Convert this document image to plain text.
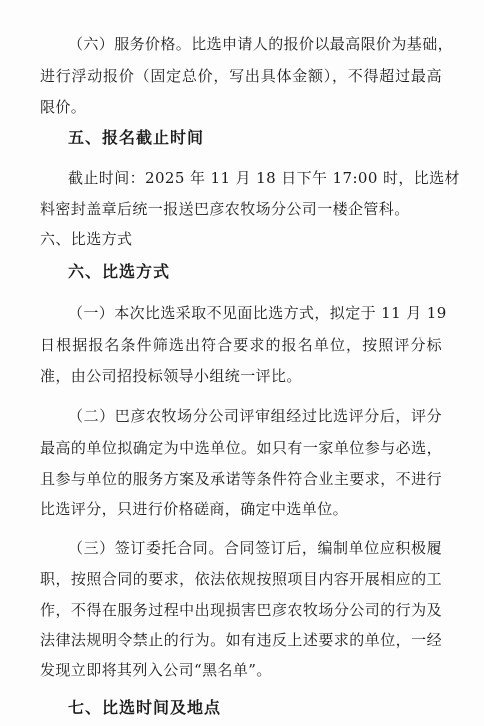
（六）服务价格。比选申请人的报价以最高限价为基础，

进行浮动报价（固定总价，写出具体金额），不得超过最高

限价。

五、报名截止时间

截止时间：2025 年 11 月 18 日下午 17:00 时，比选材

料密封盖章后统一报送巴彦农牧场分公司一楼企管科。

六、比选方式

六、比选方式

（一）本次比选采取不见面比选方式，拟定于 11 月 19

日根据报名条件筛选出符合要求的报名单位，按照评分标

准，由公司招投标领导小组统一评比。

（二）巴彦农牧场分公司评审组经过比选评分后，评分

最高的单位拟确定为中选单位。如只有一家单位参与必选，

且参与单位的服务方案及承诺等条件符合业主要求，不进行

比选评分，只进行价格磋商，确定中选单位。

（三）签订委托合同。合同签订后，编制单位应积极履

职，按照合同的要求，依法依规按照项目内容开展相应的工

作，不得在服务过程中出现损害巴彦农牧场分公司的行为及

法律法规明令禁止的行为。如有违反上述要求的单位，一经

发现立即将其列入公司“黑名单”。

七、比选时间及地点
